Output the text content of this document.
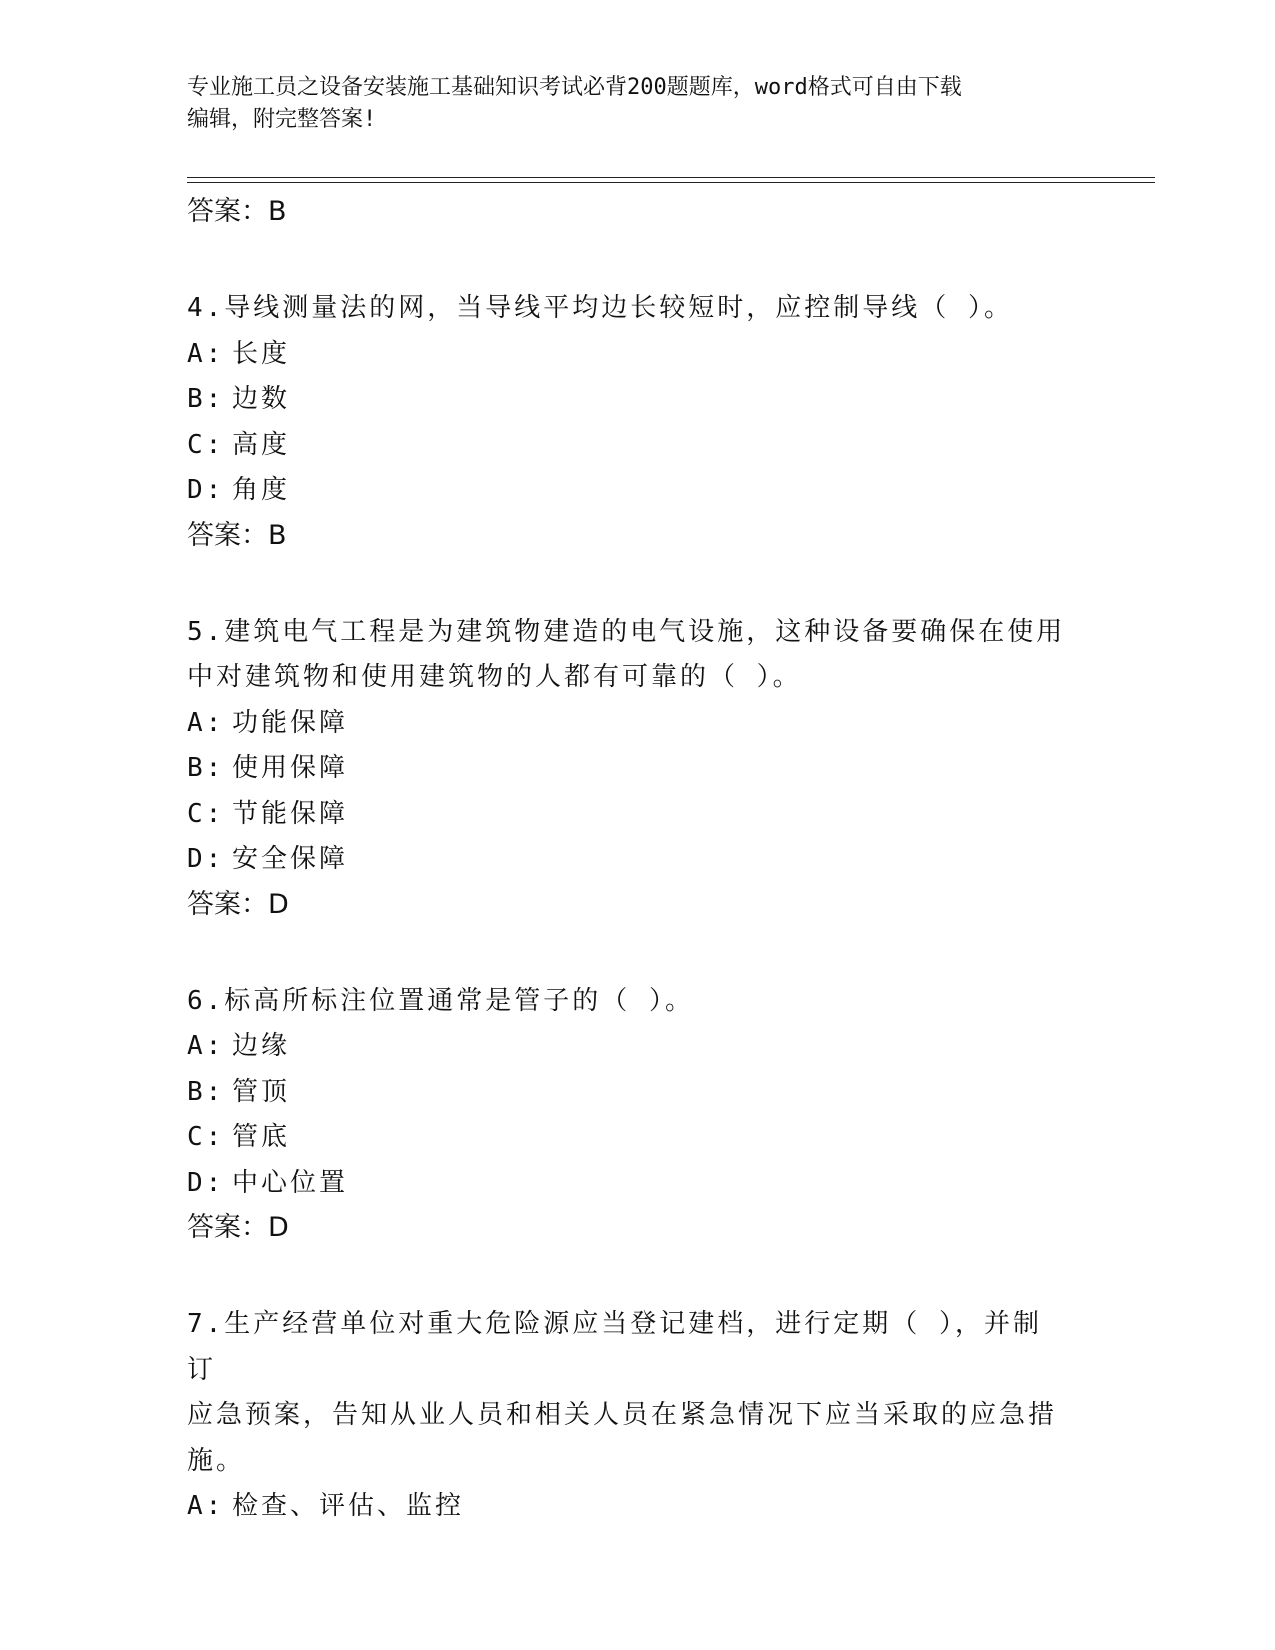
专业施工员之设备安装施工基础知识考试必背200题题库，word格式可自由下载
编辑，附完整答案!
答案：B
4.导线测量法的网，当导线平均边长较短时，应控制导线（ ）。
A: 长度
B: 边数
C: 高度
D: 角度
答案：B
5.建筑电气工程是为建筑物建造的电气设施，这种设备要确保在使用
中对建筑物和使用建筑物的人都有可靠的（ ）。
A: 功能保障
B: 使用保障
C: 节能保障
D: 安全保障
答案：D
6.标高所标注位置通常是管子的（ ）。
A: 边缘
B: 管顶
C: 管底
D: 中心位置
答案：D
7.生产经营单位对重大危险源应当登记建档，进行定期（ ），并制订
应急预案，告知从业人员和相关人员在紧急情况下应当采取的应急措
施。
A: 检查、评估、监控
